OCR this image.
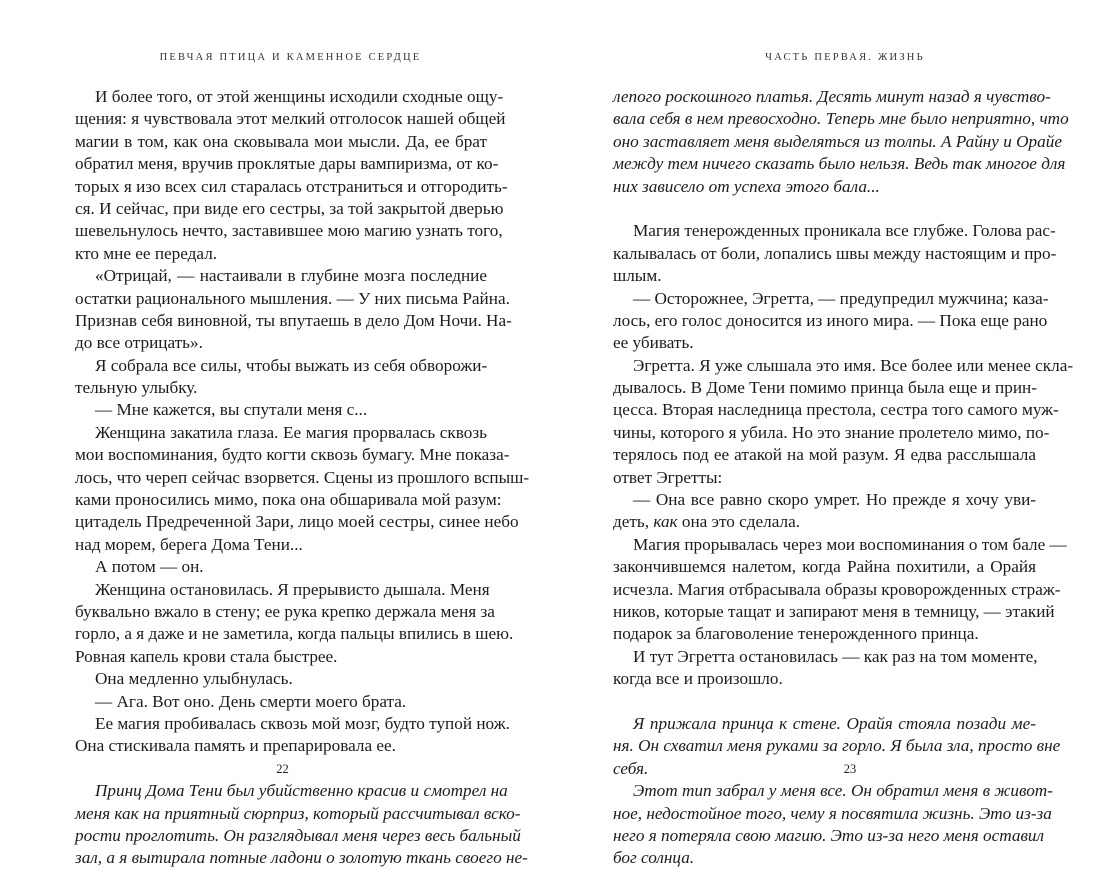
ПЕВЧАЯ ПТИЦА И КАМЕННОЕ СЕРДЦЕ
И более того, от этой женщины исходили сходные ощу-
щения: я чувствовала этот мелкий отголосок нашей общей
магии в том, как она сковывала мои мысли. Да, ее брат
обратил меня, вручив проклятые дары вампиризма, от ко-
торых я изо всех сил старалась отстраниться и отгородить-
ся. И сейчас, при виде его сестры, за той закрытой дверью
шевельнулось нечто, заставившее мою магию узнать того,
кто мне ее передал.
«Отрицай, — настаивали в глубине мозга последние
остатки рационального мышления. — У них письма Райна.
Признав себя виновной, ты впутаешь в дело Дом Ночи. На-
до все отрицать».
Я собрала все силы, чтобы выжать из себя обворожи-
тельную улыбку.
— Мне кажется, вы спутали меня с...
Женщина закатила глаза. Ее магия прорвалась сквозь
мои воспоминания, будто когти сквозь бумагу. Мне показа-
лось, что череп сейчас взорвется. Сцены из прошлого вспыш-
ками проносились мимо, пока она обшаривала мой разум:
цитадель Предреченной Зари, лицо моей сестры, синее небо
над морем, берега Дома Тени...
А потом — он.
Женщина остановилась. Я прерывисто дышала. Меня
буквально вжало в стену; ее рука крепко держала меня за
горло, а я даже и не заметила, когда пальцы впились в шею.
Ровная капель крови стала быстрее.
Она медленно улыбнулась.
— Ага. Вот оно. День смерти моего брата.
Ее магия пробивалась сквозь мой мозг, будто тупой нож.
Она стискивала память и препарировала ее.
Принц Дома Тени был убийственно красив и смотрел на
меня как на приятный сюрприз, который рассчитывал вско-
рости проглотить. Он разглядывал меня через весь бальный
зал, а я вытирала потные ладони о золотую ткань своего не-
22
ЧАСТЬ ПЕРВАЯ. ЖИЗНЬ
лепого роскошного платья. Десять минут назад я чувство-
вала себя в нем превосходно. Теперь мне было неприятно, что
оно заставляет меня выделяться из толпы. А Райну и Орайе
между тем ничего сказать было нельзя. Ведь так многое для
них зависело от успеха этого бала...
Магия тенерожденных проникала все глубже. Голова рас-
калывалась от боли, лопались швы между настоящим и про-
шлым.
— Осторожнее, Эгретта, — предупредил мужчина; каза-
лось, его голос доносится из иного мира. — Пока еще рано
ее убивать.
Эгретта. Я уже слышала это имя. Все более или менее скла-
дывалось. В Доме Тени помимо принца была еще и прин-
цесса. Вторая наследница престола, сестра того самого муж-
чины, которого я убила. Но это знание пролетело мимо, по-
терялось под ее атакой на мой разум. Я едва расслышала
ответ Эгретты:
— Она все равно скоро умрет. Но прежде я хочу уви-
деть, как она это сделала.
Магия прорывалась через мои воспоминания о том бале —
закончившемся налетом, когда Райна похитили, а Орайя
исчезла. Магия отбрасывала образы кроворожденных страж-
ников, которые тащат и запирают меня в темницу, — этакий
подарок за благоволение тенерожденного принца.
И тут Эгретта остановилась — как раз на том моменте,
когда все и произошло.
Я прижала принца к стене. Орайя стояла позади ме-
ня. Он схватил меня руками за горло. Я была зла, просто вне
себя.
Этот тип забрал у меня все. Он обратил меня в живот-
ное, недостойное того, чему я посвятила жизнь. Это из-за
него я потеряла свою магию. Это из-за него меня оставил
бог солнца.
23
